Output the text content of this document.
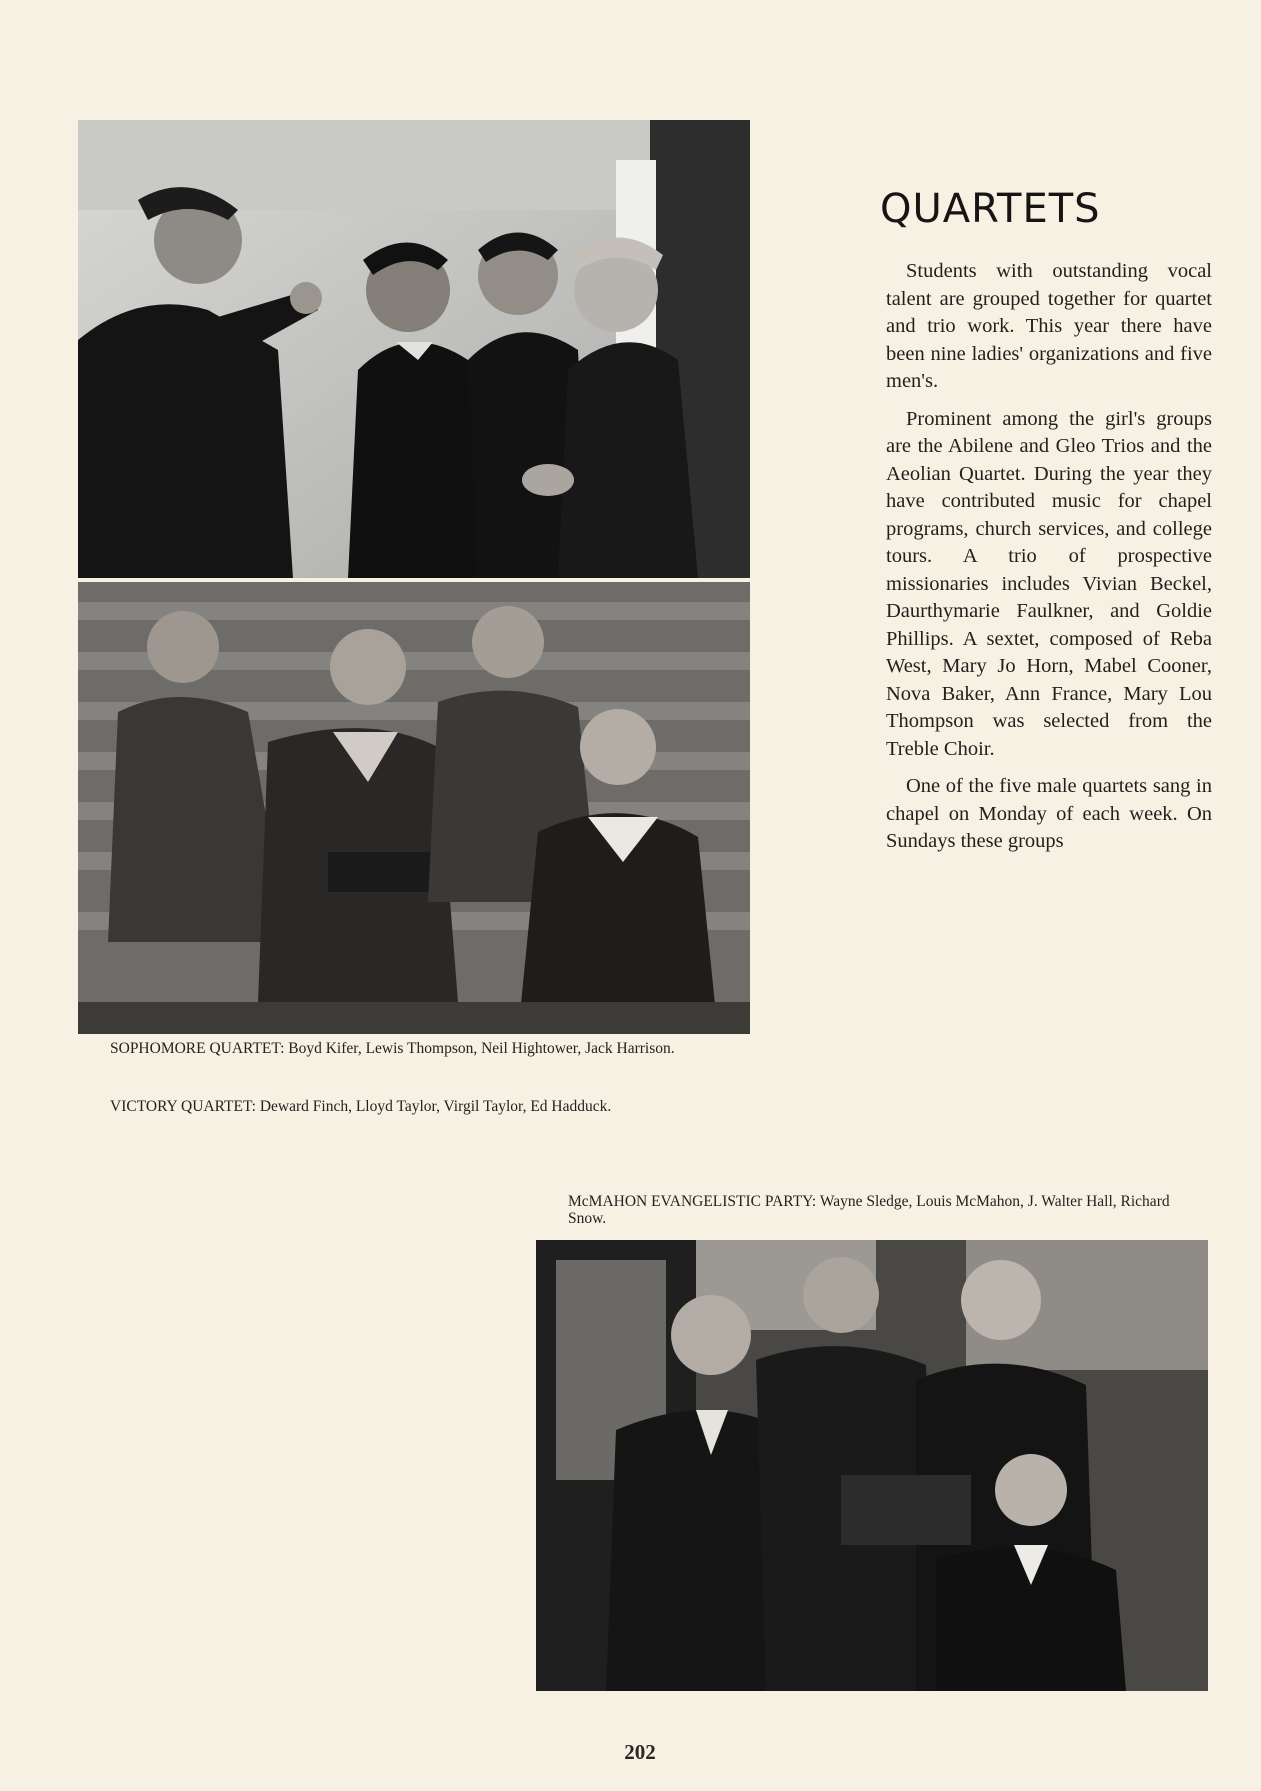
QUARTETS

Students with outstanding vocal talent are grouped together for quartet and trio work. This year there have been nine ladies' organizations and five men's.

Prominent among the girl's groups are the Abilene and Gleo Trios and the Aeolian Quartet. During the year they have contributed music for chapel programs, church services, and college tours. A trio of prospective missionaries includes Vivian Beckel, Daurthymarie Faulkner, and Goldie Phillips. A sextet, composed of Reba West, Mary Jo Horn, Mabel Cooner, Nova Baker, Ann France, Mary Lou Thompson was selected from the Treble Choir.

One of the five male quartets sang in chapel on Monday of each week. On Sundays these groups

SOPHOMORE QUARTET: Boyd Kifer, Lewis Thompson, Neil Hightower, Jack Harrison.

VICTORY QUARTET: Deward Finch, Lloyd Taylor, Virgil Taylor, Ed Hadduck.

McMAHON EVANGELISTIC PARTY: Wayne Sledge, Louis McMahon, J. Walter Hall, Richard Snow.

202
